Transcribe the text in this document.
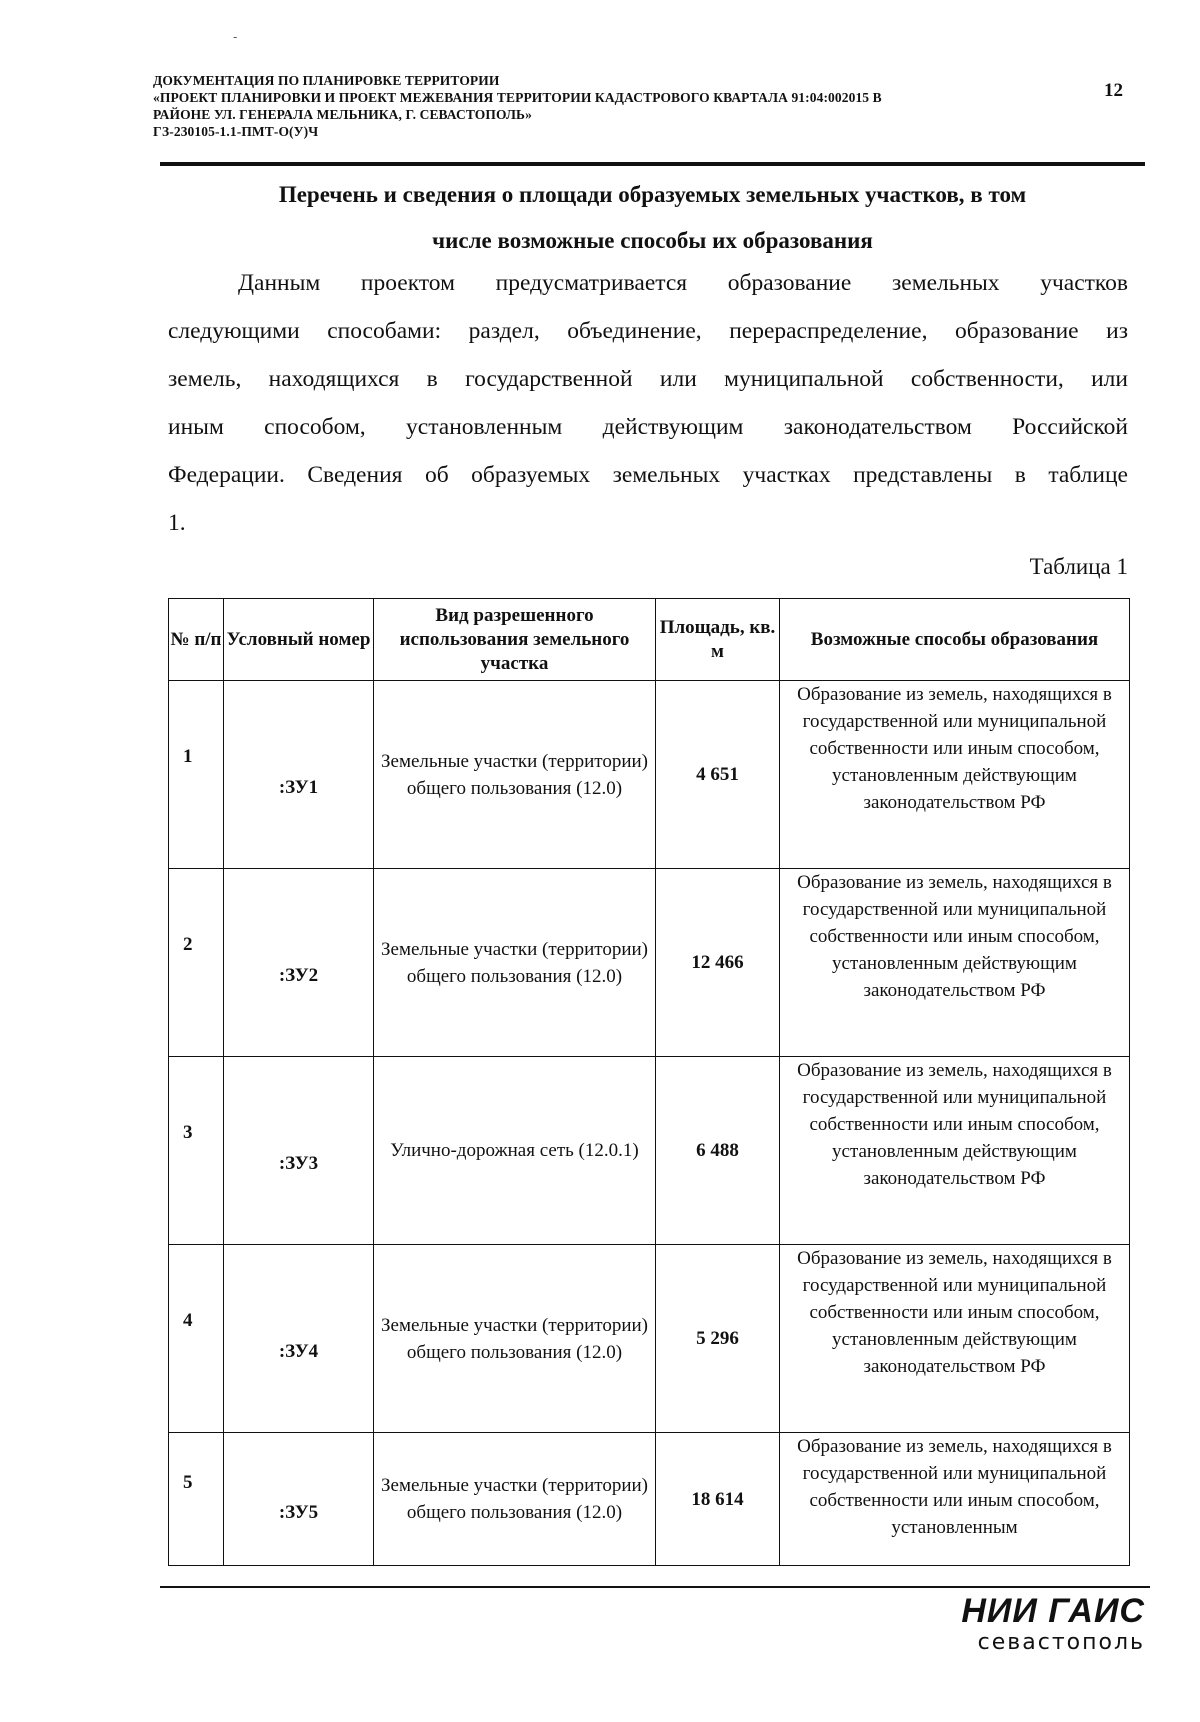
-
ДОКУМЕНТАЦИЯ ПО ПЛАНИРОВКЕ ТЕРРИТОРИИ
«ПРОЕКТ ПЛАНИРОВКИ И ПРОЕКТ МЕЖЕВАНИЯ ТЕРРИТОРИИ КАДАСТРОВОГО КВАРТАЛА 91:04:002015 В
РАЙОНЕ УЛ. ГЕНЕРАЛА МЕЛЬНИКА, Г. СЕВАСТОПОЛЬ»
ГЗ-230105-1.1-ПМТ-О(У)Ч
12
Перечень и сведения о площади образуемых земельных участков, в том
числе возможные способы их образования
Данным проектом предусматривается образование земельных участков
следующими способами: раздел, объединение, перераспределение, образование из
земель, находящихся в государственной или муниципальной собственности, или
иным способом, установленным действующим законодательством Российской
Федерации. Сведения об образуемых земельных участках представлены в таблице
1.
Таблица 1
№ п/п	Условный номер	Вид разрешенного использования земельного участка	Площадь, кв. м	Возможные способы образования

1	:ЗУ1	Земельные участки (территории) общего пользования (12.0)	4 651	Образование из земель, находящихся в государственной или муниципальной собственности или иным способом, установленным действующим законодательством РФ

2	:ЗУ2	Земельные участки (территории) общего пользования (12.0)	12 466	Образование из земель, находящихся в государственной или муниципальной собственности или иным способом, установленным действующим законодательством РФ

3	:ЗУ3	Улично-дорожная сеть (12.0.1)	6 488	Образование из земель, находящихся в государственной или муниципальной собственности или иным способом, установленным действующим законодательством РФ

4	:ЗУ4	Земельные участки (территории) общего пользования (12.0)	5 296	Образование из земель, находящихся в государственной или муниципальной собственности или иным способом, установленным действующим законодательством РФ

5	:ЗУ5	Земельные участки (территории) общего пользования (12.0)	18 614	Образование из земель, находящихся в государственной или муниципальной собственности или иным способом, установленным
НИИ ГАИС
севастополь
